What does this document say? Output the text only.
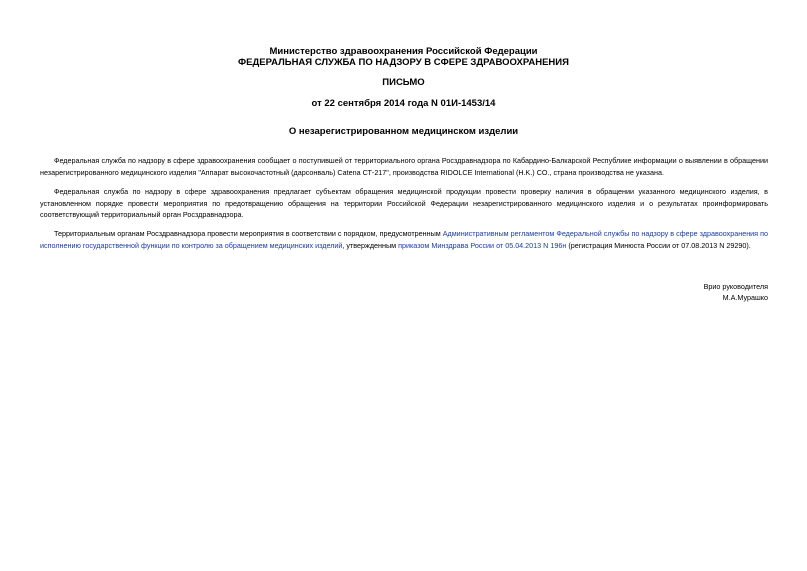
Министерство здравоохранения Российской Федерации
ФЕДЕРАЛЬНАЯ СЛУЖБА ПО НАДЗОРУ В СФЕРЕ ЗДРАВООХРАНЕНИЯ
ПИСЬМО
от 22 сентября 2014 года N 01И-1453/14
О незарегистрированном медицинском изделии
Федеральная служба по надзору в сфере здравоохранения сообщает о поступившей от территориального органа Росздравнадзора по Кабардино-Балкарской Республике информации о выявлении в обращении незарегистрированного медицинского изделия "Аппарат высокочастотный (дарсонваль) Catena СТ-217", производства RIDOLCE International (H.K.) CO., страна производства не указана.
Федеральная служба по надзору в сфере здравоохранения предлагает субъектам обращения медицинской продукции провести проверку наличия в обращении указанного медицинского изделия, в установленном порядке провести мероприятия по предотвращению обращения на территории Российской Федерации незарегистрированного медицинского изделия и о результатах проинформировать соответствующий территориальный орган Росздравнадзора.
Территориальным органам Росздравнадзора провести мероприятия в соответствии с порядком, предусмотренным Административным регламентом Федеральной службы по надзору в сфере здравоохранения по исполнению государственной функции по контролю за обращением медицинских изделий, утвержденным приказом Минздрава России от 05.04.2013 N 196н (регистрация Минюста России от 07.08.2013 N 29290).
Врио руководителя
М.А.Мурашко
